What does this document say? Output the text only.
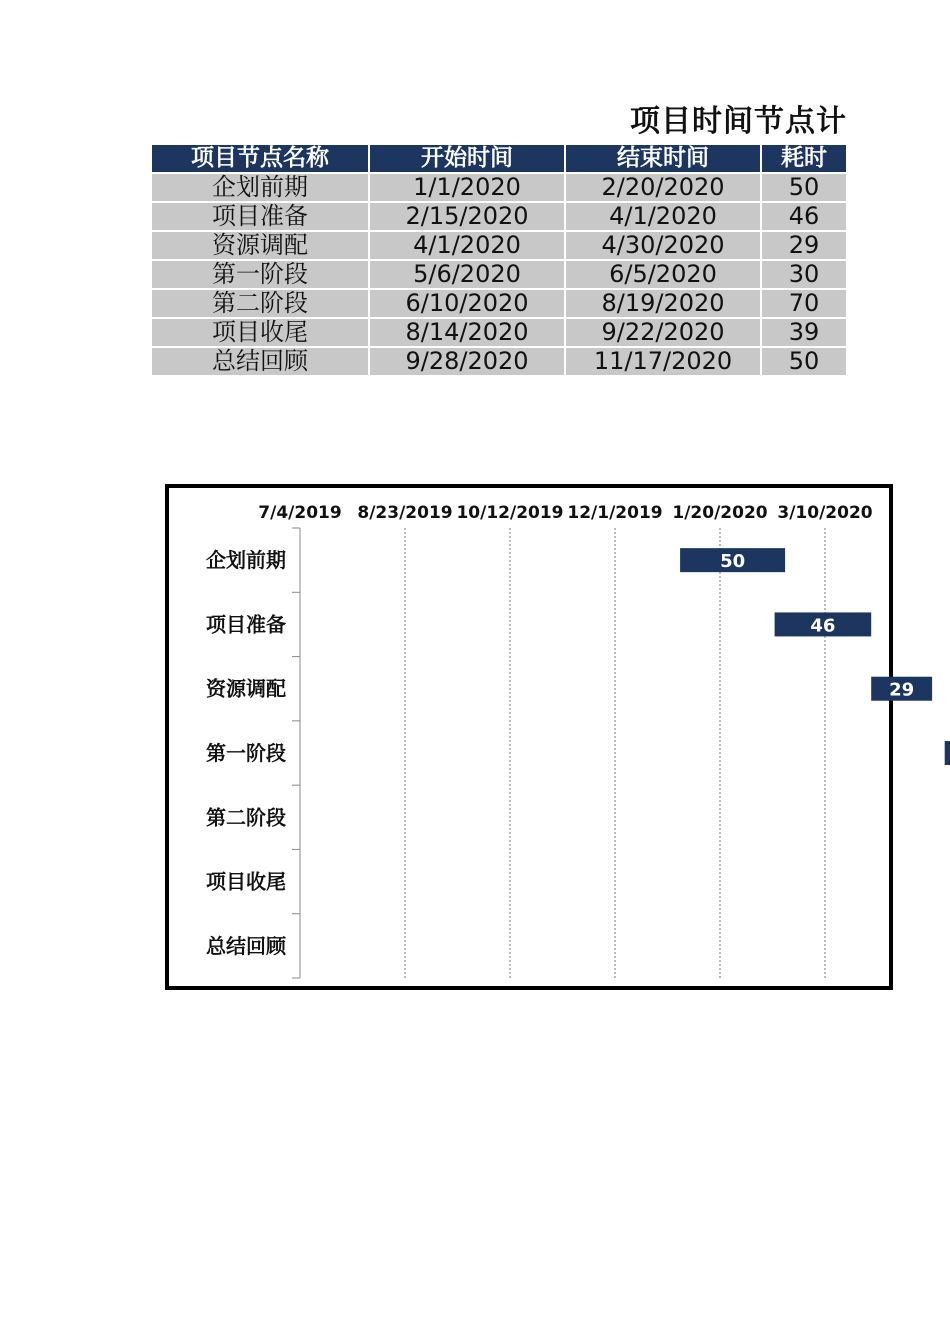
项目时间节点计
项目节点名称	开始时间	结束时间	耗时
企划前期	1/1/2020	2/20/2020	50
项目准备	2/15/2020	4/1/2020	46
资源调配	4/1/2020	4/30/2020	29
第一阶段	5/6/2020	6/5/2020	30
第二阶段	6/10/2020	8/19/2020	70
项目收尾	8/14/2020	9/22/2020	39
总结回顾	9/28/2020	11/17/2020	50
7/4/2019 8/23/2019 10/12/2019 12/1/2019 1/20/2020 3/10/2020
企划前期	50
项目准备	46
资源调配	29
第一阶段
第二阶段
项目收尾
总结回顾
